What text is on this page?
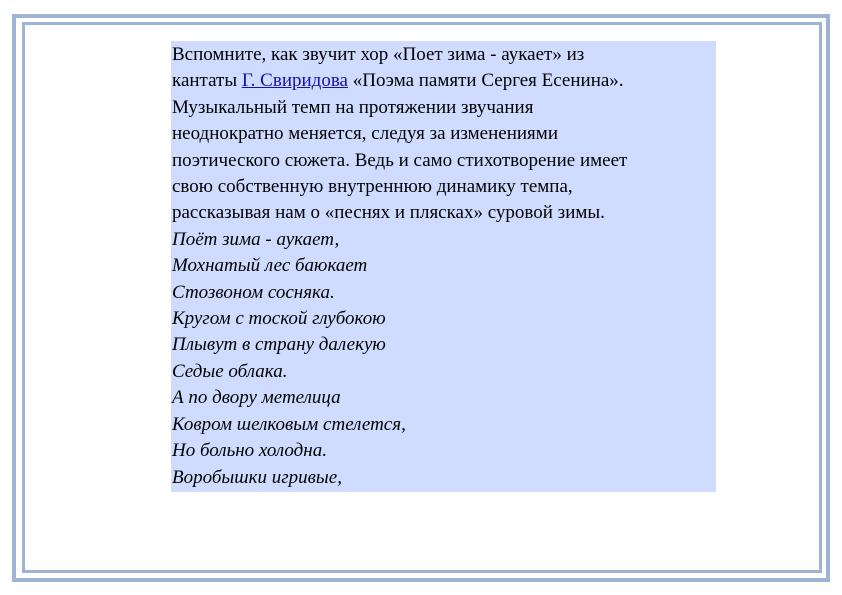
Вспомните, как звучит хор «Поет зима - аукает» из
кантаты Г. Свиридова «Поэма памяти Сергея Есенина».
Музыкальный темп на протяжении звучания
неоднократно меняется, следуя за изменениями
поэтического сюжета. Ведь и само стихотворение имеет
свою собственную внутреннюю динамику темпа,
рассказывая нам о «песнях и плясках» суровой зимы.
Поёт зима - аукает,
Мохнатый лес баюкает
Стозвоном сосняка.
Кругом с тоской глубокою
Плывут в страну далекую
Седые облака.
А по двору метелица
Ковром шелковым стелется,
Но больно холодна.
Воробышки игривые,
